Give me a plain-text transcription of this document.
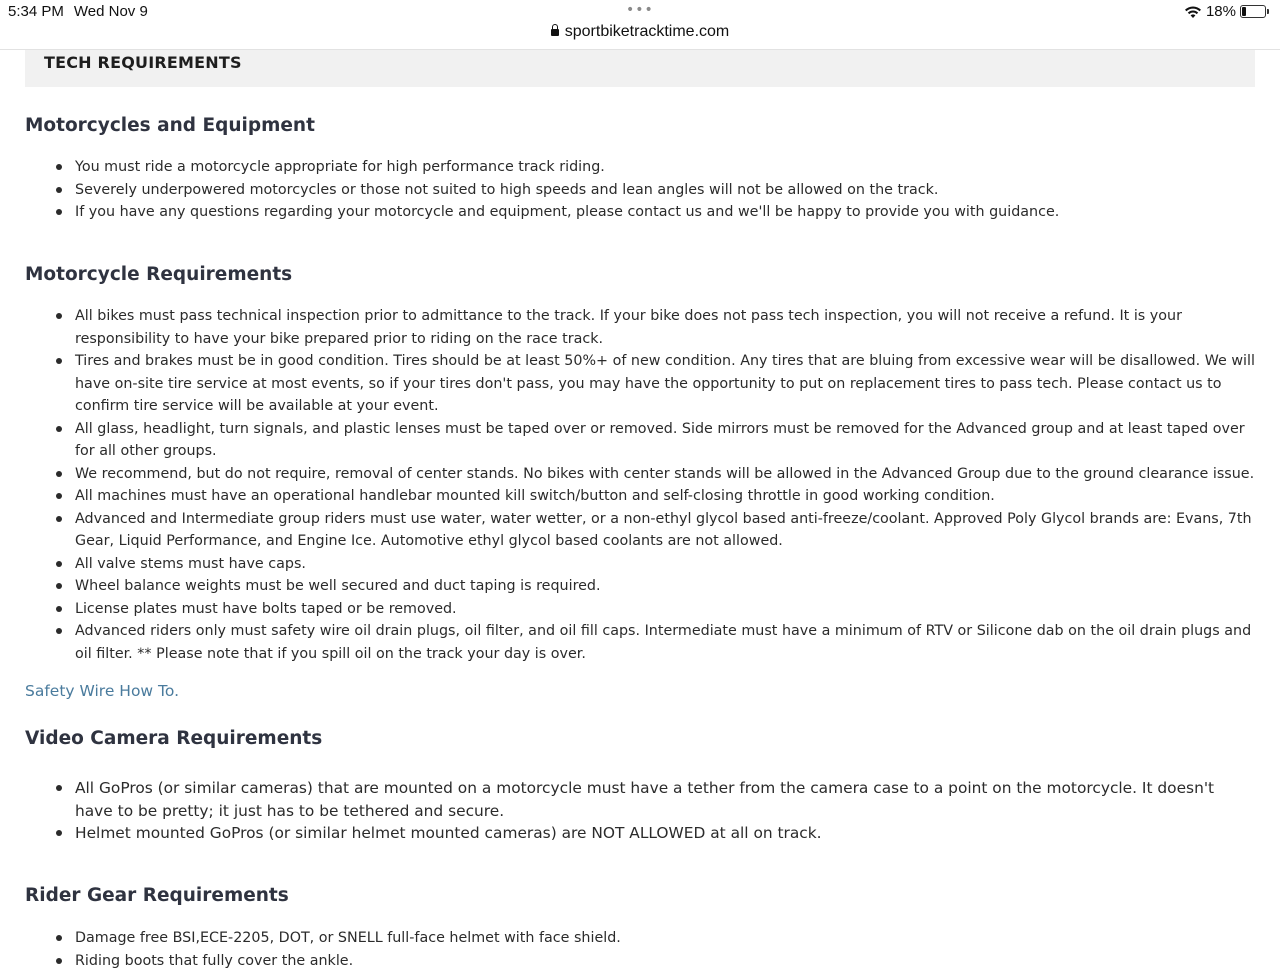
5:34 PM Wed Nov 9	•••
sportbiketracktime.com
18%
TECH REQUIREMENTS
Motorcycles and Equipment
You must ride a motorcycle appropriate for high performance track riding.
Severely underpowered motorcycles or those not suited to high speeds and lean angles will not be allowed on the track.
If you have any questions regarding your motorcycle and equipment, please contact us and we'll be happy to provide you with guidance.
Motorcycle Requirements
All bikes must pass technical inspection prior to admittance to the track. If your bike does not pass tech inspection, you will not receive a refund. It is your responsibility to have your bike prepared prior to riding on the race track.
Tires and brakes must be in good condition. Tires should be at least 50%+ of new condition. Any tires that are bluing from excessive wear will be disallowed. We will have on-site tire service at most events, so if your tires don't pass, you may have the opportunity to put on replacement tires to pass tech. Please contact us to confirm tire service will be available at your event.
All glass, headlight, turn signals, and plastic lenses must be taped over or removed. Side mirrors must be removed for the Advanced group and at least taped over for all other groups.
We recommend, but do not require, removal of center stands. No bikes with center stands will be allowed in the Advanced Group due to the ground clearance issue.
All machines must have an operational handlebar mounted kill switch/button and self-closing throttle in good working condition.
Advanced and Intermediate group riders must use water, water wetter, or a non-ethyl glycol based anti-freeze/coolant. Approved Poly Glycol brands are: Evans, 7th Gear, Liquid Performance, and Engine Ice. Automotive ethyl glycol based coolants are not allowed.
All valve stems must have caps.
Wheel balance weights must be well secured and duct taping is required.
License plates must have bolts taped or be removed.
Advanced riders only must safety wire oil drain plugs, oil filter, and oil fill caps. Intermediate must have a minimum of RTV or Silicone dab on the oil drain plugs and oil filter. ** Please note that if you spill oil on the track your day is over.
Safety Wire How To.
Video Camera Requirements
All GoPros (or similar cameras) that are mounted on a motorcycle must have a tether from the camera case to a point on the motorcycle. It doesn't have to be pretty; it just has to be tethered and secure.
Helmet mounted GoPros (or similar helmet mounted cameras) are NOT ALLOWED at all on track.
Rider Gear Requirements
Damage free BSI,ECE-2205, DOT, or SNELL full-face helmet with face shield.
Riding boots that fully cover the ankle.
